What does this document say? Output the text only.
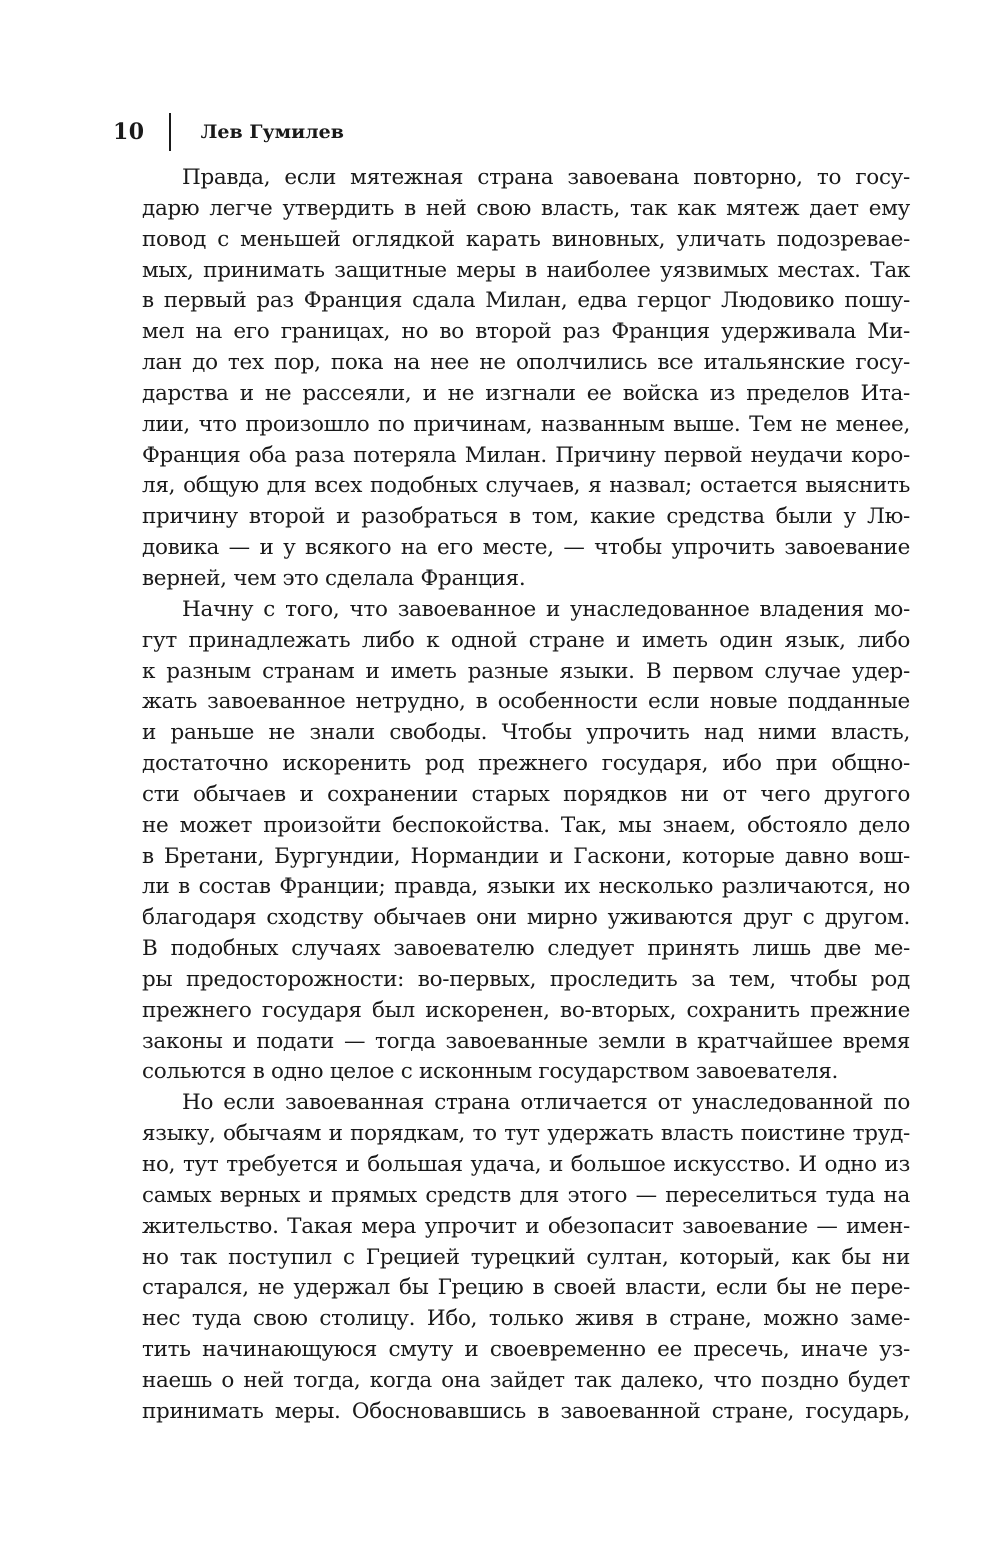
10	Лев Гумилев
Правда, если мятежная страна завоевана повторно, то госу-
дарю легче утвердить в ней свою власть, так как мятеж дает ему
повод с меньшей оглядкой карать виновных, уличать подозревае-
мых, принимать защитные меры в наиболее уязвимых местах. Так
в первый раз Франция сдала Милан, едва герцог Людовико пошу-
мел на его границах, но во второй раз Франция удерживала Ми-
лан до тех пор, пока на нее не ополчились все итальянские госу-
дарства и не рассеяли, и не изгнали ее войска из пределов Ита-
лии, что произошло по причинам, названным выше. Тем не менее,
Франция оба раза потеряла Милан. Причину первой неудачи коро-
ля, общую для всех подобных случаев, я назвал; остается выяснить
причину второй и разобраться в том, какие средства были у Лю-
довика — и у всякого на его месте, — чтобы упрочить завоевание
верней, чем это сделала Франция.
Начну с того, что завоеванное и унаследованное владения мо-
гут принадлежать либо к одной стране и иметь один язык, либо
к разным странам и иметь разные языки. В первом случае удер-
жать завоеванное нетрудно, в особенности если новые подданные
и раньше не знали свободы. Чтобы упрочить над ними власть,
достаточно искоренить род прежнего государя, ибо при общно-
сти обычаев и сохранении старых порядков ни от чего другого
не может произойти беспокойства. Так, мы знаем, обстояло дело
в Бретани, Бургундии, Нормандии и Гаскони, которые давно вош-
ли в состав Франции; правда, языки их несколько различаются, но
благодаря сходству обычаев они мирно уживаются друг с другом.
В подобных случаях завоевателю следует принять лишь две ме-
ры предосторожности: во-первых, проследить за тем, чтобы род
прежнего государя был искоренен, во-вторых, сохранить прежние
законы и подати — тогда завоеванные земли в кратчайшее время
сольются в одно целое с исконным государством завоевателя.
Но если завоеванная страна отличается от унаследованной по
языку, обычаям и порядкам, то тут удержать власть поистине труд-
но, тут требуется и большая удача, и большое искусство. И одно из
самых верных и прямых средств для этого — переселиться туда на
жительство. Такая мера упрочит и обезопасит завоевание — имен-
но так поступил с Грецией турецкий султан, который, как бы ни
старался, не удержал бы Грецию в своей власти, если бы не пере-
нес туда свою столицу. Ибо, только живя в стране, можно заме-
тить начинающуюся смуту и своевременно ее пресечь, иначе уз-
наешь о ней тогда, когда она зайдет так далеко, что поздно будет
принимать меры. Обосновавшись в завоеванной стране, государь,
